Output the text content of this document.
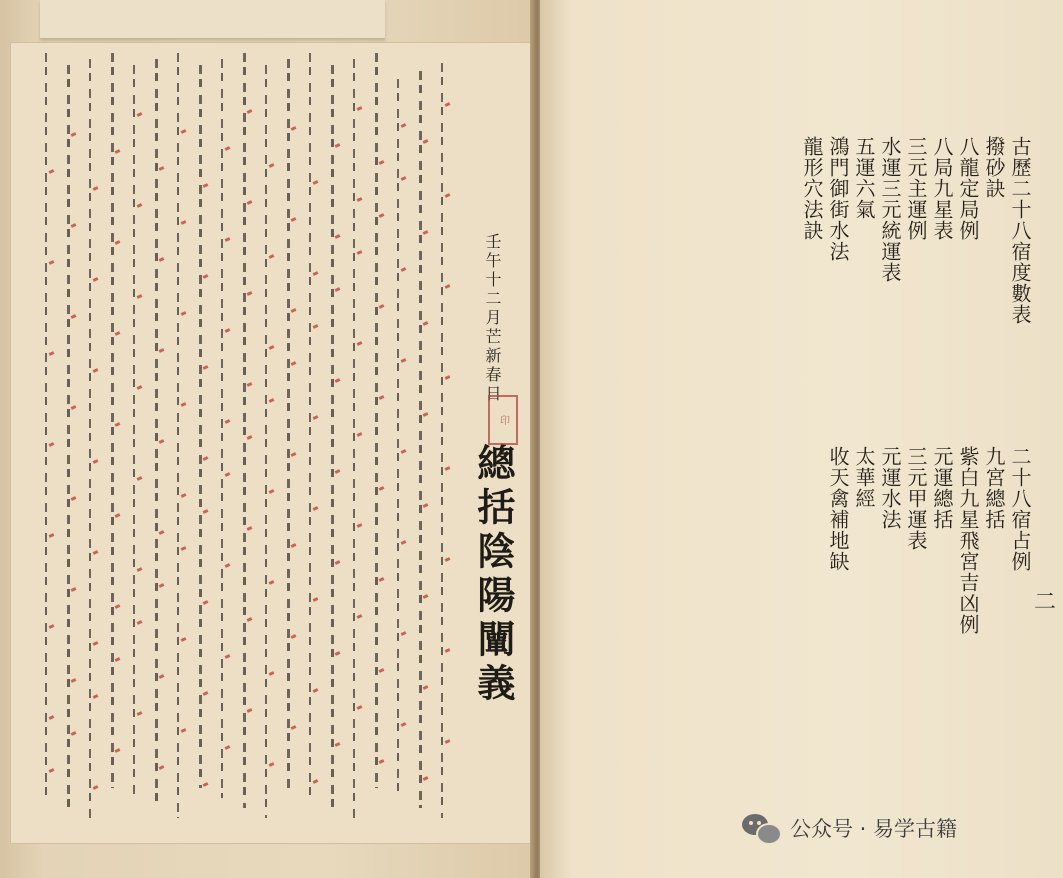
總括陰陽闡義
壬午十二月芒新春日
印
古歷二十八宿度數表
撥砂訣
八龍定局例
八局九星表
三元主運例
水運三元統運表
五運六氣
鴻門御街水法
龍形穴法訣
二十八宿占例
九宮總括
紫白九星飛宮吉凶例
元運總括
三元甲運表
元運水法
太華經
收天禽補地缺
二
公众号 · 易学古籍
